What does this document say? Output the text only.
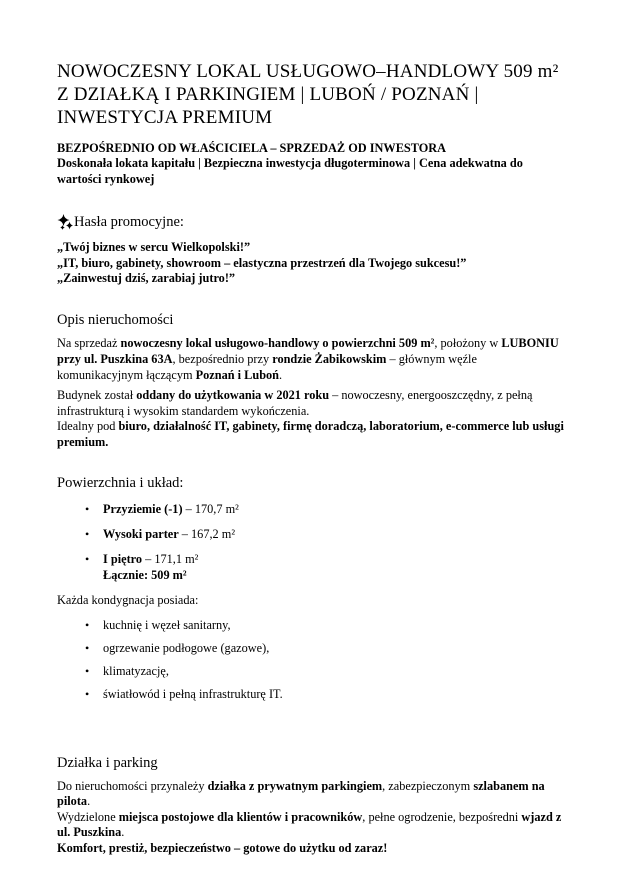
NOWOCZESNY LOKAL USŁUGOWO–HANDLOWY 509 m²
Z DZIAŁKĄ I PARKINGIEM | LUBOŃ / POZNAŃ |
INWESTYCJA PREMIUM

BEZPOŚREDNIO OD WŁAŚCICIELA – SPRZEDAŻ OD INWESTORA
Doskonała lokata kapitału | Bezpieczna inwestycja długoterminowa | Cena adekwatna do wartości rynkowej

Hasła promocyjne:
„Twój biznes w sercu Wielkopolski!”
„IT, biuro, gabinety, showroom – elastyczna przestrzeń dla Twojego sukcesu!”
„Zainwestuj dziś, zarabiaj jutro!”
Opis nieruchomości

Na sprzedaż nowoczesny lokal usługowo-handlowy o powierzchni 509 m², położony w LUBONIU przy ul. Puszkina 63A, bezpośrednio przy rondzie Żabikowskim – głównym węźle komunikacyjnym łączącym Poznań i Luboń.

Budynek został oddany do użytkowania w 2021 roku – nowoczesny, energooszczędny, z pełną infrastrukturą i wysokim standardem wykończenia.
Idealny pod biuro, działalność IT, gabinety, firmę doradczą, laboratorium, e-commerce lub usługi premium.

Powierzchnia i układ:
• Przyziemie (-1) – 170,7 m²
• Wysoki parter – 167,2 m²
• I piętro – 171,1 m²
Łącznie: 509 m²

Każda kondygnacja posiada:

• kuchnię i węzeł sanitarny,
• ogrzewanie podłogowe (gazowe),
• klimatyzację,
• światłowód i pełną infrastrukturę IT.
Działka i parking

Do nieruchomości przynależy działka z prywatnym parkingiem, zabezpieczonym szlabanem na pilota.
Wydzielone miejsca postojowe dla klientów i pracowników, pełne ogrodzenie, bezpośredni wjazd z ul. Puszkina.
Komfort, prestiż, bezpieczeństwo – gotowe do użytku od zaraz!
